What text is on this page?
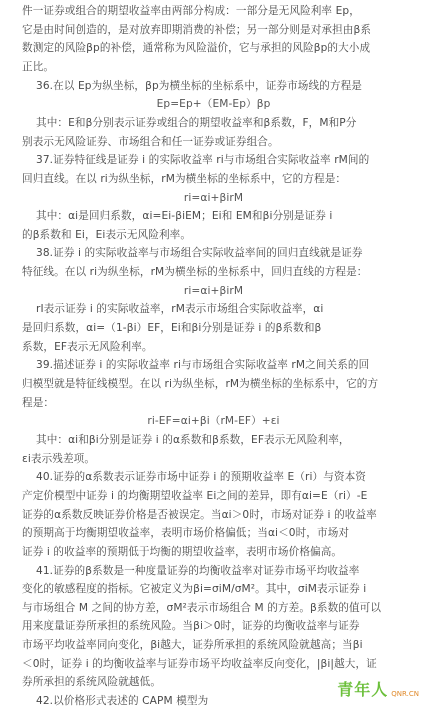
件一证券或组合的期望收益率由两部分构成：一部分是无风险利率 Ep，
它是由时间创造的，是对放弃即期消费的补偿；另一部分则是对承担由β系
数测定的风险βp的补偿，通常称为风险溢价，它与承担的风险βp的大小成
正比。
36.在以 Ep为纵坐标，βp为横坐标的坐标系中，证券市场线的方程是
Ep=Ep+（EM-Ep）βp
其中：E和β分别表示证券或组合的期望收益率和β系数，F，M和P分
别表示无风险证券、市场组合和任一证券或证券组合。
37.证券特征线是证券 i 的实际收益率 ri与市场组合实际收益率 rM间的
回归直线。在以 ri为纵坐标，rM为横坐标的坐标系中，它的方程是：
ri=αi+βirM
其中：αi是回归系数，αi=Ei-βiEM；Ei和 EM和βi分别是证券 i
的β系数和 Ei，Ei表示无风险利率。
38.证券 i 的实际收益率与市场组合实际收益率间的回归直线就是证券
特征线。在以 ri为纵坐标，rM为横坐标的坐标系中，回归直线的方程是：
ri=αi+βirM
rI表示证券 i 的实际收益率，rM表示市场组合实际收益率，αi
是回归系数，αi=（1-βi）EF，Ei和βi分别是证券 i 的β系数和β
系数，EF表示无风险利率。
39.描述证券 i 的实际收益率 ri与市场组合实际收益率 rM之间关系的回
归模型就是特征线模型。在以 ri为纵坐标，rM为横坐标的坐标系中，它的方
程是：
ri-EF=αi+βi（rM-EF）+εi
其中：αi和βi分别是证券 i 的α系数和β系数，EF表示无风险利率，
εi表示残差项。
40.证券的α系数表示证券市场中证券 i 的预期收益率 E（ri）与资本资
产定价模型中证券 i 的均衡期望收益率 Ei之间的差异，即有αi=E（ri）-E
证券的α系数反映证券价格是否被误定。当αi＞0时，市场对证券 i 的收益率
的预期高于均衡期望收益率，表明市场价格偏低；当αi＜0时，市场对
证券 i 的收益率的预期低于均衡的期望收益率，表明市场价格偏高。
41.证券的β系数是一种度量证券的均衡收益率对证券市场平均收益率
变化的敏感程度的指标。它被定义为βi=σiM/σM²。其中，σiM表示证券 i
与市场组合 M 之间的协方差，σM²表示市场组合 M 的方差。β系数的值可以
用来度量证券所承担的系统风险。当βi＞0时，证券的均衡收益率与证券
市场平均收益率同向变化，βi越大，证券所承担的系统风险就越高；当βi
＜0时，证券 i 的均衡收益率与证券市场平均收益率反向变化，|βi|越大，证
券所承担的系统风险就越低。
42.以价格形式表述的 CAPM 模型为
青年人 QNR.CN
